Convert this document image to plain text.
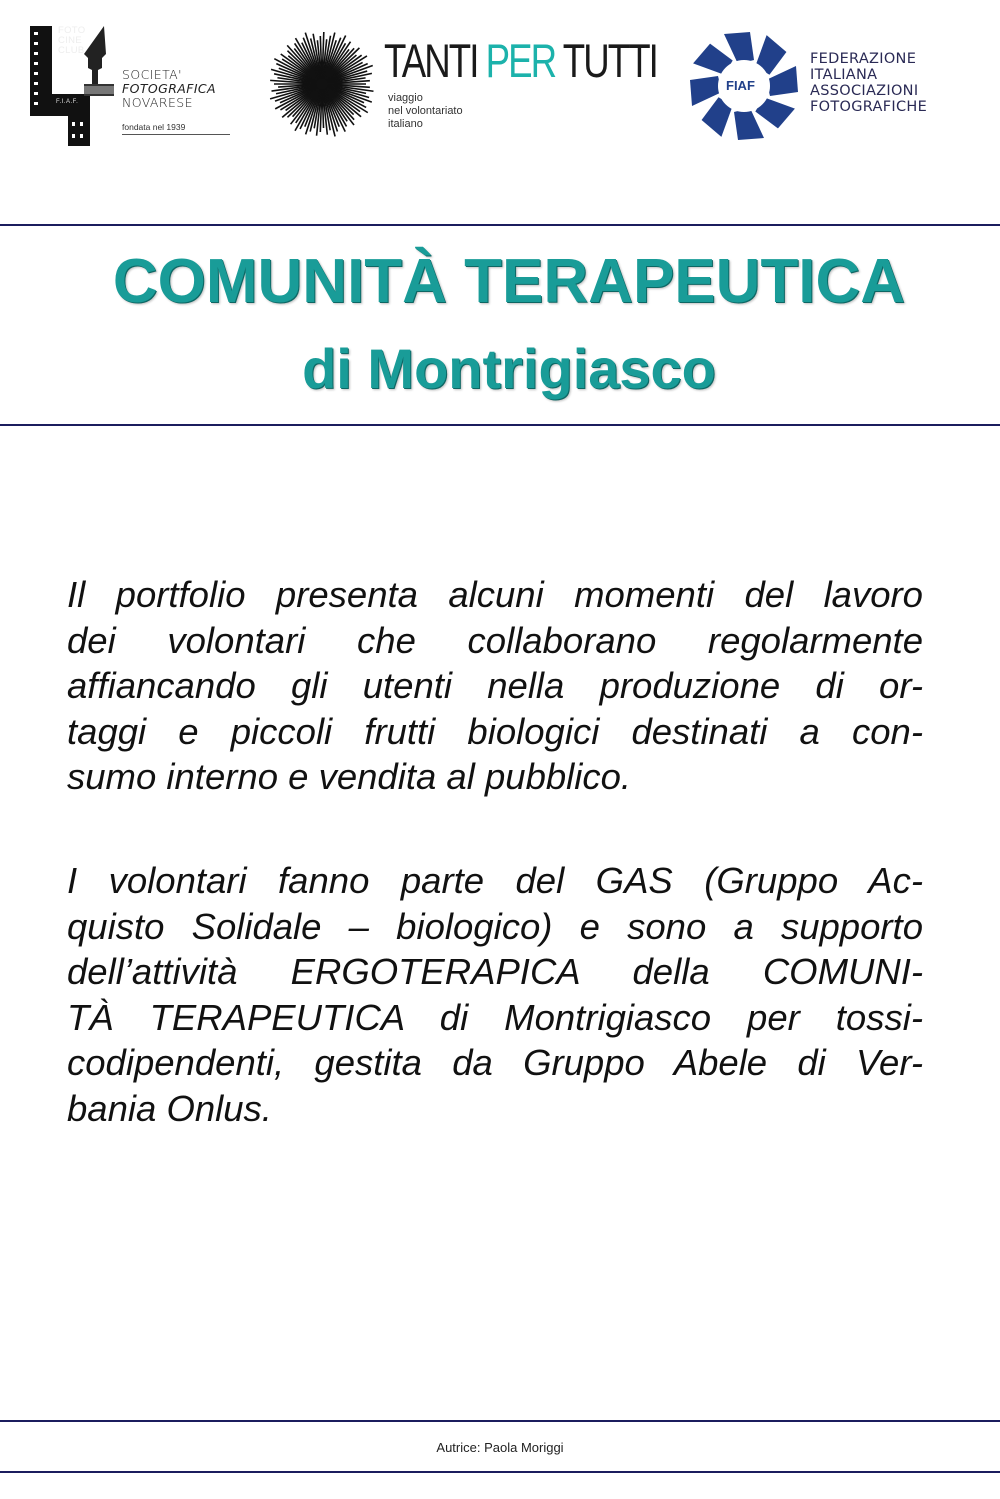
FOTO
CINE
CLUB
F.I.A.F.
SOCIETA'
FOTOGRAFICA
NOVARESE
fondata nel 1939
TANTI PER TUTTI
viaggio
nel volontariato
italiano
FIAF
FEDERAZIONE
ITALIANA
ASSOCIAZIONI
FOTOGRAFICHE
COMUNITÀ TERAPEUTICA
di Montrigiasco
Il portfolio presenta alcuni momenti del lavoro
dei volontari che collaborano regolarmente
affiancando gli utenti nella produzione di or-
taggi e piccoli frutti biologici destinati a con-
sumo interno e vendita al pubblico.
I volontari fanno parte del GAS (Gruppo Ac-
quisto Solidale – biologico) e sono a supporto
dell’attività ERGOTERAPICA della COMUNI-
TÀ TERAPEUTICA di Montrigiasco per tossi-
codipendenti, gestita da Gruppo Abele di Ver-
bania Onlus.
Autrice: Paola Moriggi
